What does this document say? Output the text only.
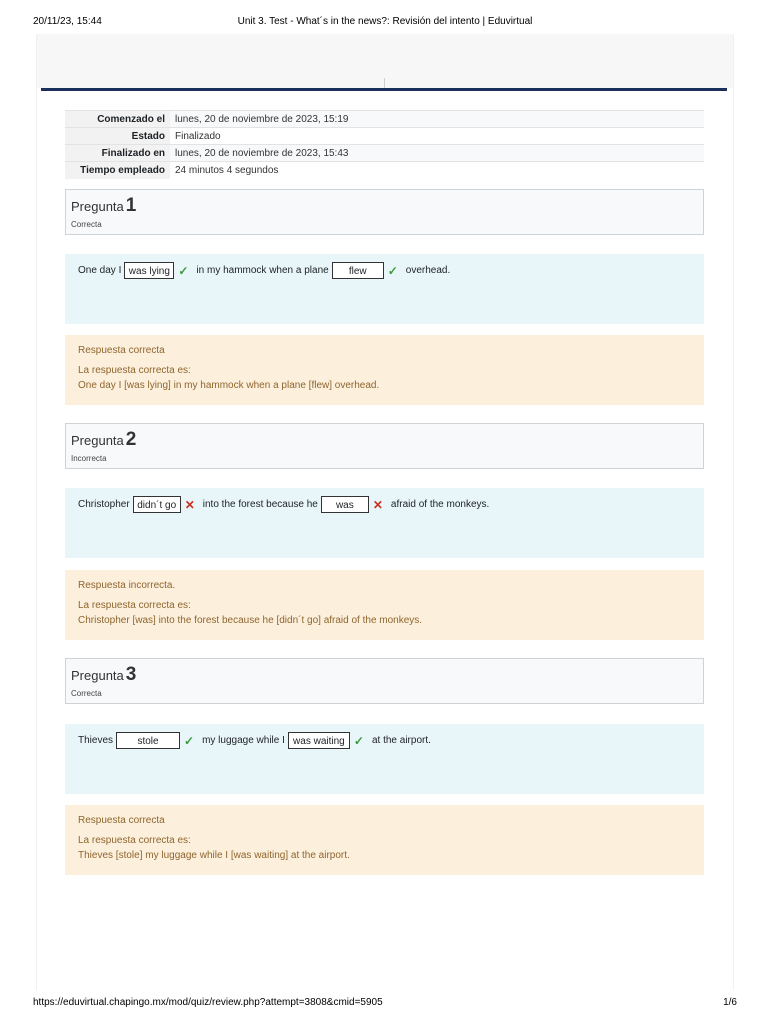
20/11/23, 15:44	Unit 3. Test - What´s in the news?: Revisión del intento | Eduvirtual
Comenzado el	lunes, 20 de noviembre de 2023, 15:19
Estado	Finalizado
Finalizado en	lunes, 20 de noviembre de 2023, 15:43
Tiempo empleado	24 minutos 4 segundos
Pregunta 1
Correcta
One day I was lying ✓ in my hammock when a plane	flew	✓ overhead.
Respuesta correcta
La respuesta correcta es:
One day I [was lying] in my hammock when a plane [flew] overhead.
Pregunta 2
Incorrecta
Christopher didn´t go ✕ into the forest because he	was	✕ afraid of the monkeys.
Respuesta incorrecta.
La respuesta correcta es:
Christopher [was] into the forest because he [didn´t go] afraid of the monkeys.
Pregunta 3
Correcta
Thieves	stole	✓ my luggage while I was waiting ✓ at the airport.
Respuesta correcta
La respuesta correcta es:
Thieves [stole] my luggage while I [was waiting] at the airport.
https://eduvirtual.chapingo.mx/mod/quiz/review.php?attempt=3808&cmid=5905	1/6
